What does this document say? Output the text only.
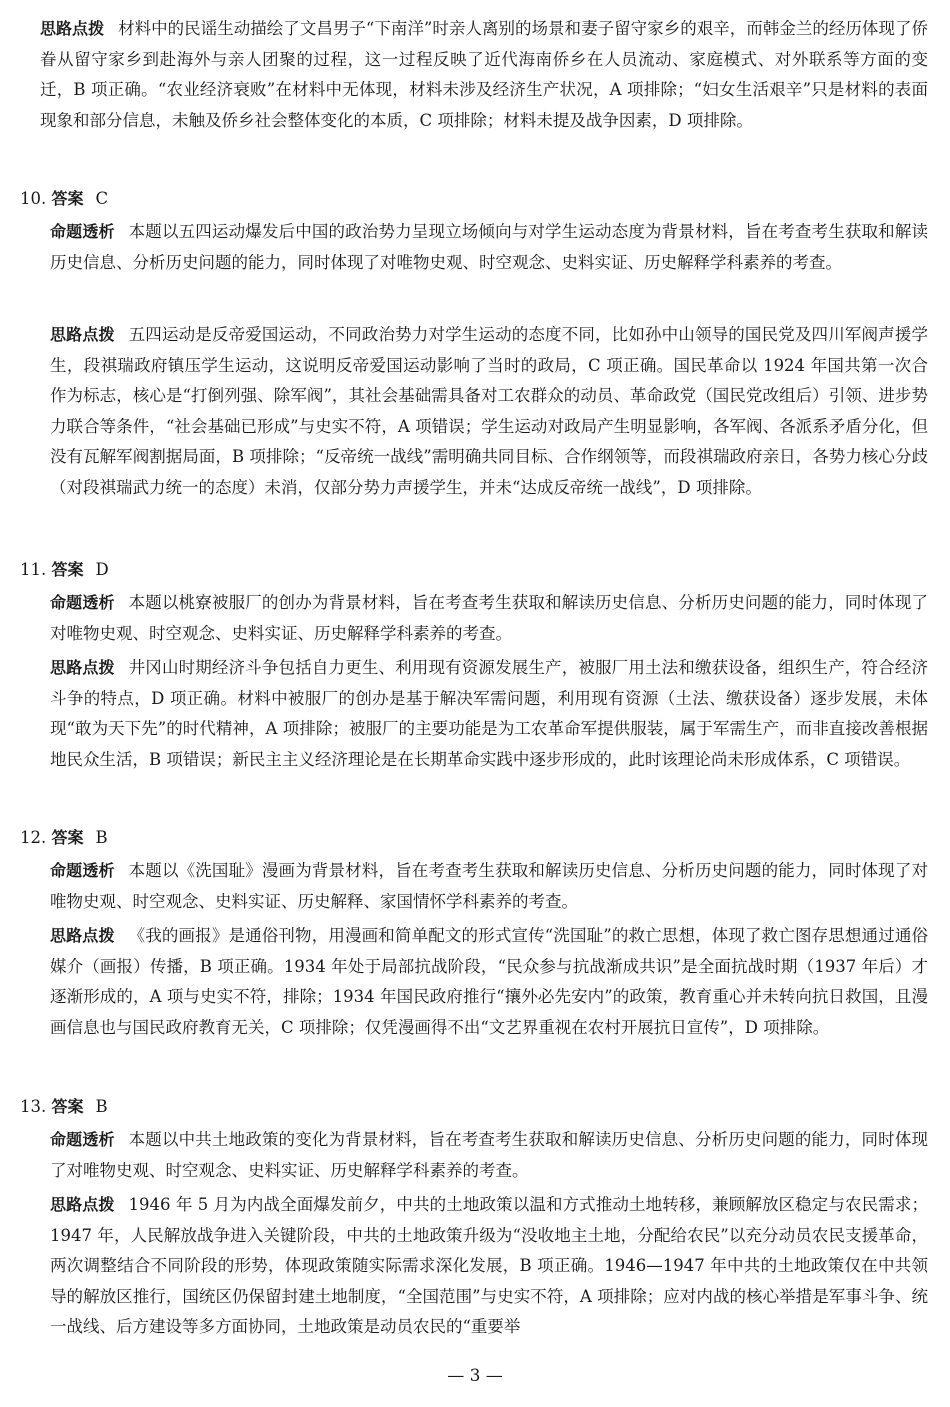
思路点拨 材料中的民谣生动描绘了文昌男子“下南洋”时亲人离别的场景和妻子留守家乡的艰辛，而韩金兰的经历体现了侨眷从留守家乡到赴海外与亲人团聚的过程，这一过程反映了近代海南侨乡在人员流动、家庭模式、对外联系等方面的变迁，B 项正确。“农业经济衰败”在材料中无体现，材料未涉及经济生产状况，A 项排除；“妇女生活艰辛”只是材料的表面现象和部分信息，未触及侨乡社会整体变化的本质，C 项排除；材料未提及战争因素，D 项排除。

10. 答案 C

命题透析 本题以五四运动爆发后中国的政治势力呈现立场倾向与对学生运动态度为背景材料，旨在考查考生获取和解读历史信息、分析历史问题的能力，同时体现了对唯物史观、时空观念、史料实证、历史解释学科素养的考查。

思路点拨 五四运动是反帝爱国运动，不同政治势力对学生运动的态度不同，比如孙中山领导的国民党及四川军阀声援学生，段祺瑞政府镇压学生运动，这说明反帝爱国运动影响了当时的政局，C 项正确。国民革命以 1924 年国共第一次合作为标志，核心是“打倒列强、除军阀”，其社会基础需具备对工农群众的动员、革命政党（国民党改组后）引领、进步势力联合等条件，“社会基础已形成”与史实不符，A 项错误；学生运动对政局产生明显影响，各军阀、各派系矛盾分化，但没有瓦解军阀割据局面，B 项排除；“反帝统一战线”需明确共同目标、合作纲领等，而段祺瑞政府亲日，各势力核心分歧（对段祺瑞武力统一的态度）未消，仅部分势力声援学生，并未“达成反帝统一战线”，D 项排除。

11. 答案 D

命题透析 本题以桃寮被服厂的创办为背景材料，旨在考查考生获取和解读历史信息、分析历史问题的能力，同时体现了对唯物史观、时空观念、史料实证、历史解释学科素养的考查。

思路点拨 井冈山时期经济斗争包括自力更生、利用现有资源发展生产，被服厂用土法和缴获设备，组织生产，符合经济斗争的特点，D 项正确。材料中被服厂的创办是基于解决军需问题，利用现有资源（土法、缴获设备）逐步发展，未体现“敢为天下先”的时代精神，A 项排除；被服厂的主要功能是为工农革命军提供服装，属于军需生产，而非直接改善根据地民众生活，B 项错误；新民主主义经济理论是在长期革命实践中逐步形成的，此时该理论尚未形成体系，C 项错误。

12. 答案 B

命题透析 本题以《洗国耻》漫画为背景材料，旨在考查考生获取和解读历史信息、分析历史问题的能力，同时体现了对唯物史观、时空观念、史料实证、历史解释、家国情怀学科素养的考查。

思路点拨 《我的画报》是通俗刊物，用漫画和简单配文的形式宣传“洗国耻”的救亡思想，体现了救亡图存思想通过通俗媒介（画报）传播，B 项正确。1934 年处于局部抗战阶段，“民众参与抗战渐成共识”是全面抗战时期（1937 年后）才逐渐形成的，A 项与史实不符，排除；1934 年国民政府推行“攘外必先安内”的政策，教育重心并未转向抗日救国，且漫画信息也与国民政府教育无关，C 项排除；仅凭漫画得不出“文艺界重视在农村开展抗日宣传”，D 项排除。

13. 答案 B

命题透析 本题以中共土地政策的变化为背景材料，旨在考查考生获取和解读历史信息、分析历史问题的能力，同时体现了对唯物史观、时空观念、史料实证、历史解释学科素养的考查。

思路点拨 1946 年 5 月为内战全面爆发前夕，中共的土地政策以温和方式推动土地转移，兼顾解放区稳定与农民需求；1947 年，人民解放战争进入关键阶段，中共的土地政策升级为“没收地主土地，分配给农民”以充分动员农民支援革命，两次调整结合不同阶段的形势，体现政策随实际需求深化发展，B 项正确。1946—1947 年中共的土地政策仅在中共领导的解放区推行，国统区仍保留封建土地制度，“全国范围”与史实不符，A 项排除；应对内战的核心举措是军事斗争、统一战线、后方建设等多方面协同，土地政策是动员农民的“重要举

— 3 —
